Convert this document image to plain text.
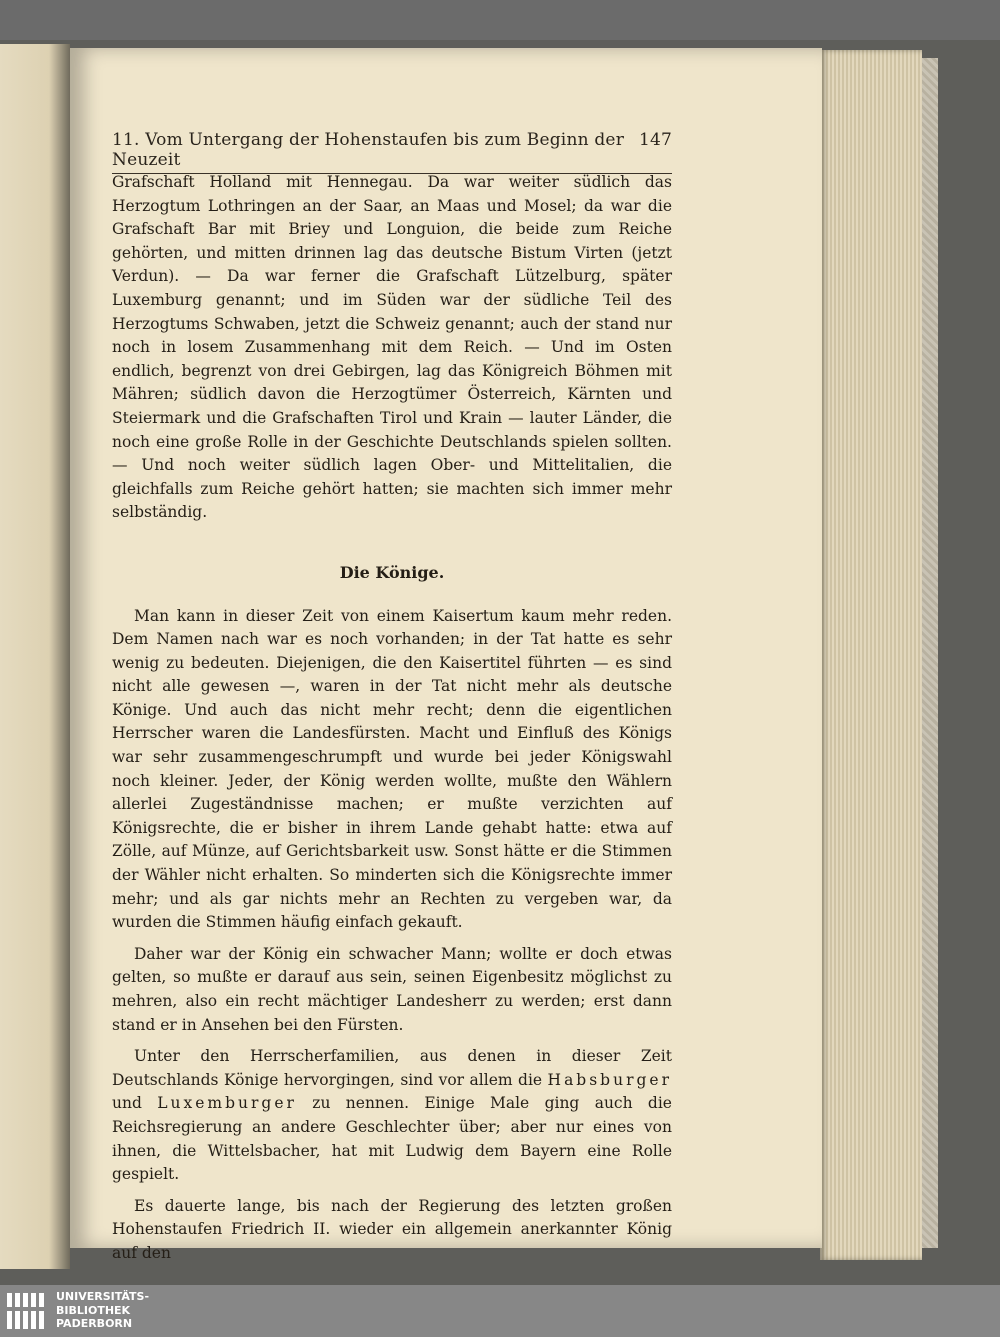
11. Vom Untergang der Hohenstaufen bis zum Beginn der Neuzeit
147

Grafschaft Holland mit Hennegau. Da war weiter südlich das Herzogtum Lothringen an der Saar, an Maas und Mosel; da war die Grafschaft Bar mit Briey und Longuion, die beide zum Reiche gehörten, und mitten drinnen lag das deutsche Bistum Virten (jetzt Verdun). — Da war ferner die Grafschaft Lützelburg, später Luxemburg genannt; und im Süden war der südliche Teil des Herzogtums Schwaben, jetzt die Schweiz genannt; auch der stand nur noch in losem Zusammenhang mit dem Reich. — Und im Osten endlich, begrenzt von drei Gebirgen, lag das Königreich Böhmen mit Mähren; südlich davon die Herzogtümer Österreich, Kärnten und Steiermark und die Grafschaften Tirol und Krain — lauter Länder, die noch eine große Rolle in der Geschichte Deutschlands spielen sollten. — Und noch weiter südlich lagen Ober- und Mittelitalien, die gleichfalls zum Reiche gehört hatten; sie machten sich immer mehr selbständig.

Die Könige.

Man kann in dieser Zeit von einem Kaisertum kaum mehr reden. Dem Namen nach war es noch vorhanden; in der Tat hatte es sehr wenig zu bedeuten. Diejenigen, die den Kaisertitel führten — es sind nicht alle gewesen —, waren in der Tat nicht mehr als deutsche Könige. Und auch das nicht mehr recht; denn die eigentlichen Herrscher waren die Landesfürsten. Macht und Einfluß des Königs war sehr zusammengeschrumpft und wurde bei jeder Königswahl noch kleiner. Jeder, der König werden wollte, mußte den Wählern allerlei Zugeständnisse machen; er mußte verzichten auf Königsrechte, die er bisher in ihrem Lande gehabt hatte: etwa auf Zölle, auf Münze, auf Gerichtsbarkeit usw. Sonst hätte er die Stimmen der Wähler nicht erhalten. So minderten sich die Königsrechte immer mehr; und als gar nichts mehr an Rechten zu vergeben war, da wurden die Stimmen häufig einfach gekauft.

Daher war der König ein schwacher Mann; wollte er doch etwas gelten, so mußte er darauf aus sein, seinen Eigenbesitz möglichst zu mehren, also ein recht mächtiger Landesherr zu werden; erst dann stand er in Ansehen bei den Fürsten.

Unter den Herrscherfamilien, aus denen in dieser Zeit Deutschlands Könige hervorgingen, sind vor allem die Habsburger und Luxemburger zu nennen. Einige Male ging auch die Reichsregierung an andere Geschlechter über; aber nur eines von ihnen, die Wittelsbacher, hat mit Ludwig dem Bayern eine Rolle gespielt.

Es dauerte lange, bis nach der Regierung des letzten großen Hohenstaufen Friedrich II. wieder ein allgemein anerkannter König auf den

UNIVERSITÄTS-
BIBLIOTHEK
PADERBORN
